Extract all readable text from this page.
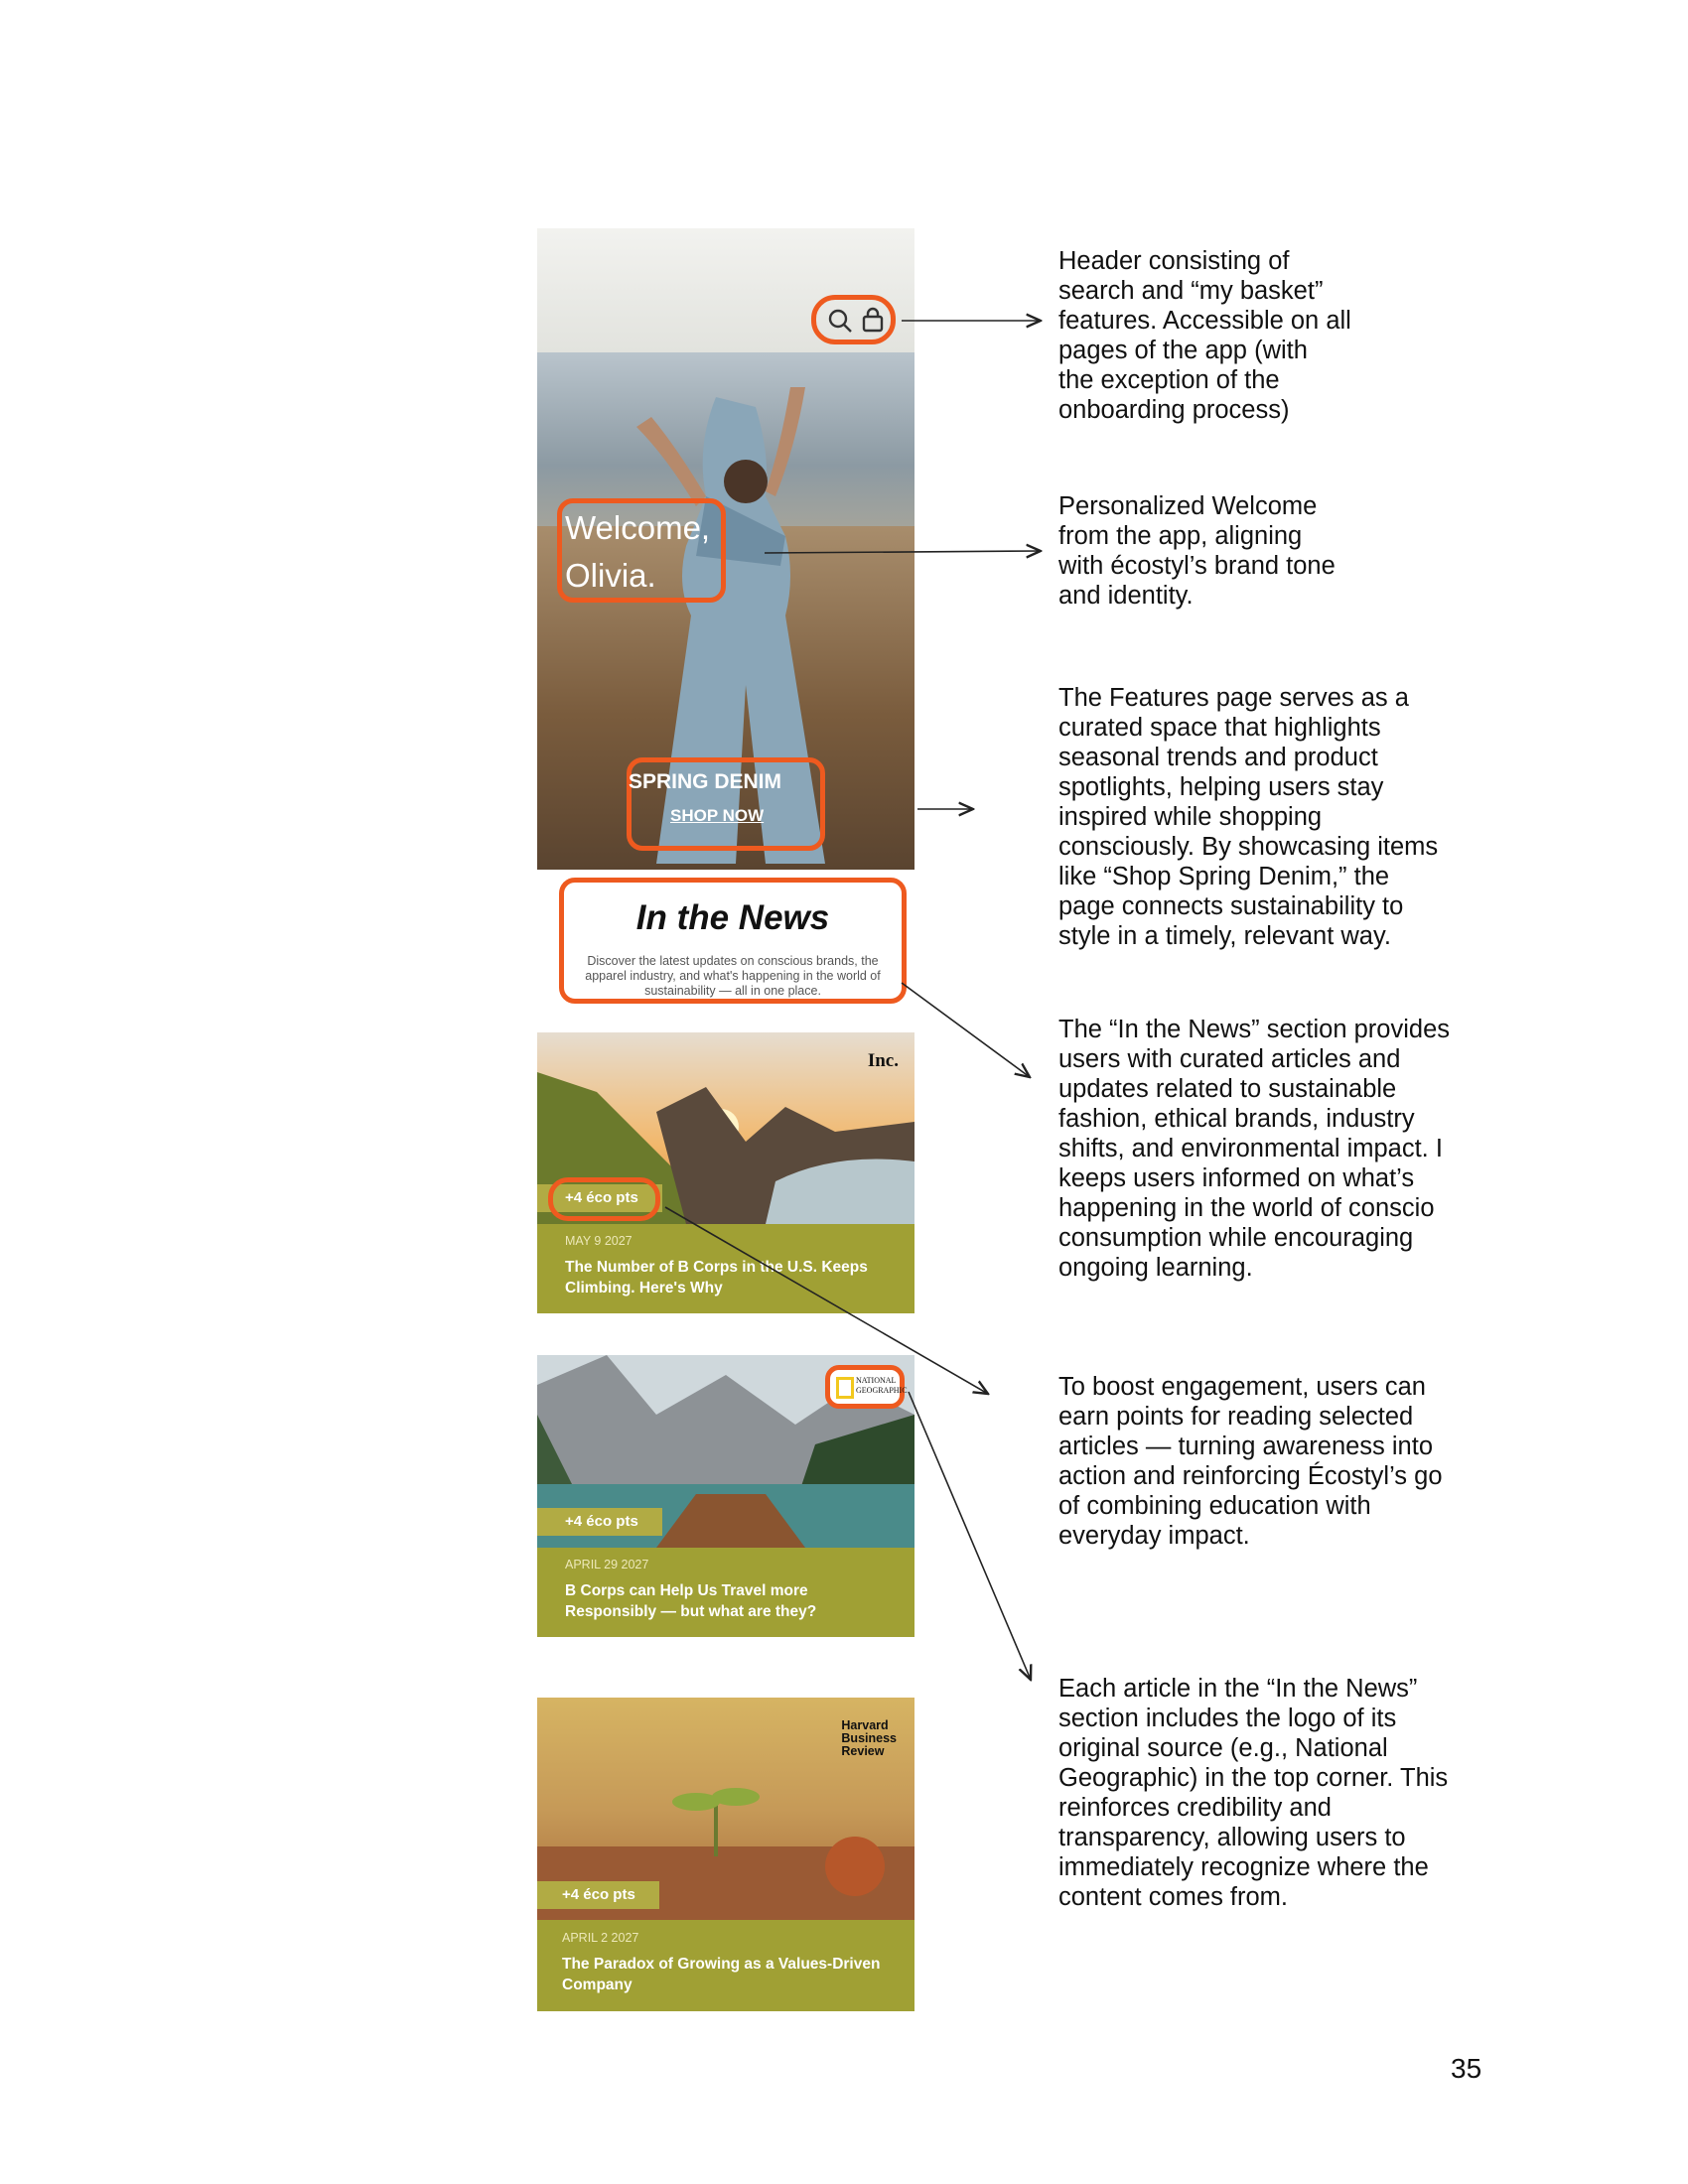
Welcome,
Olivia.
SPRING DENIM
SHOP NOW
In the News
Discover the latest updates on conscious brands, the apparel industry, and what's happening in the world of sustainability — all in one place.
Inc.
+4 éco pts
MAY 9 2027
The Number of B Corps in the U.S. Keeps Climbing. Here's Why
NATIONAL
GEOGRAPHIC
+4 éco pts
APRIL 29 2027
B Corps can Help Us Travel more Responsibly — but what are they?
Harvard
Business
Review
+4 éco pts
APRIL 2 2027
The Paradox of Growing as a Values-Driven Company
Header consisting of
search and “my basket”
features. Accessible on all
pages of the app (with
the exception of the
onboarding process)
Personalized Welcome
from the app, aligning
with écostyl’s brand tone
and identity.
The Features page serves as a
curated space that highlights
seasonal trends and product
spotlights, helping users stay
inspired while shopping
consciously. By showcasing items
like “Shop Spring Denim,” the
page connects sustainability to
style in a timely, relevant way.
The “In the News” section provides
users with curated articles and
updates related to sustainable
fashion, ethical brands, industry
shifts, and environmental impact. I
keeps users informed on what’s
happening in the world of conscio
consumption while encouraging
ongoing learning.
To boost engagement, users can
earn points for reading selected
articles — turning awareness into
action and reinforcing Écostyl’s go
of combining education with
everyday impact.
Each article in the “In the News”
section includes the logo of its
original source (e.g., National
Geographic) in the top corner. This
reinforces credibility and
transparency, allowing users to
immediately recognize where the
content comes from.
35
